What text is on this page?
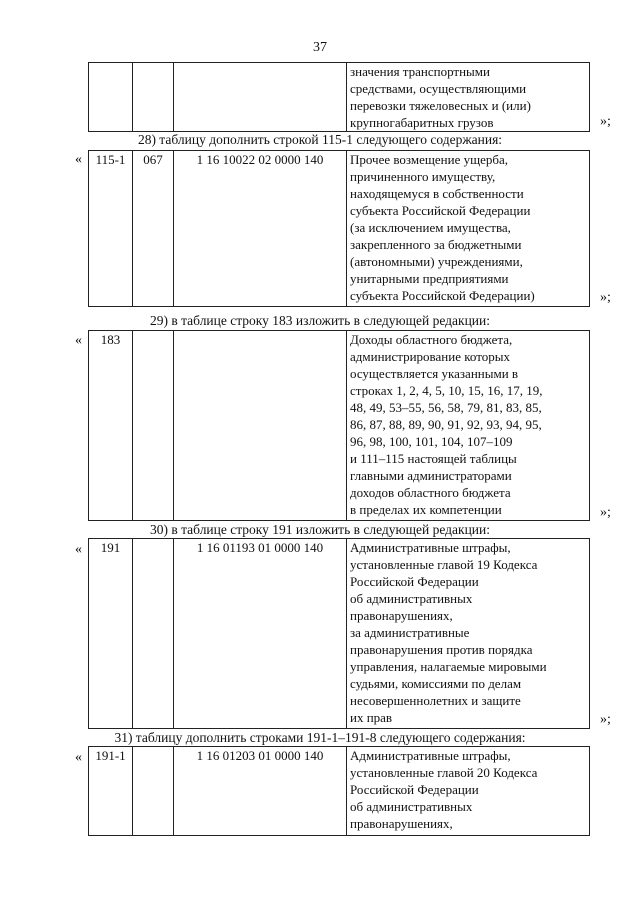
37

значения транспортными
средствами, осуществляющими
перевозки тяжеловесных и (или)
крупногабаритных грузов	»;
28) таблицу дополнить строкой 115-1 следующего содержания:
« 115-1	067	1 16 10022 02 0000 140	Прочее возмещение ущерба,
причиненного имуществу,
находящемуся в собственности
субъекта Российской Федерации
(за исключением имущества,
закрепленного за бюджетными
(автономными) учреждениями,
унитарными предприятиями
субъекта Российской Федерации)	»;
29) в таблице строку 183 изложить в следующей редакции:
« 183			Доходы областного бюджета,
администрирование которых
осуществляется указанными в
строках 1, 2, 4, 5, 10, 15, 16, 17, 19,
48, 49, 53–55, 56, 58, 79, 81, 83, 85,
86, 87, 88, 89, 90, 91, 92, 93, 94, 95,
96, 98, 100, 101, 104, 107–109
и 111–115 настоящей таблицы
главными администраторами
доходов областного бюджета
в пределах их компетенции	»;
30) в таблице строку 191 изложить в следующей редакции:
« 191		1 16 01193 01 0000 140	Административные штрафы,
установленные главой 19 Кодекса
Российской Федерации
об административных
правонарушениях,
за административные
правонарушения против порядка
управления, налагаемые мировыми
судьями, комиссиями по делам
несовершеннолетних и защите
их прав	»;
31) таблицу дополнить строками 191-1–191-8 следующего содержания:
« 191-1		1 16 01203 01 0000 140	Административные штрафы,
установленные главой 20 Кодекса
Российской Федерации
об административных
правонарушениях,
